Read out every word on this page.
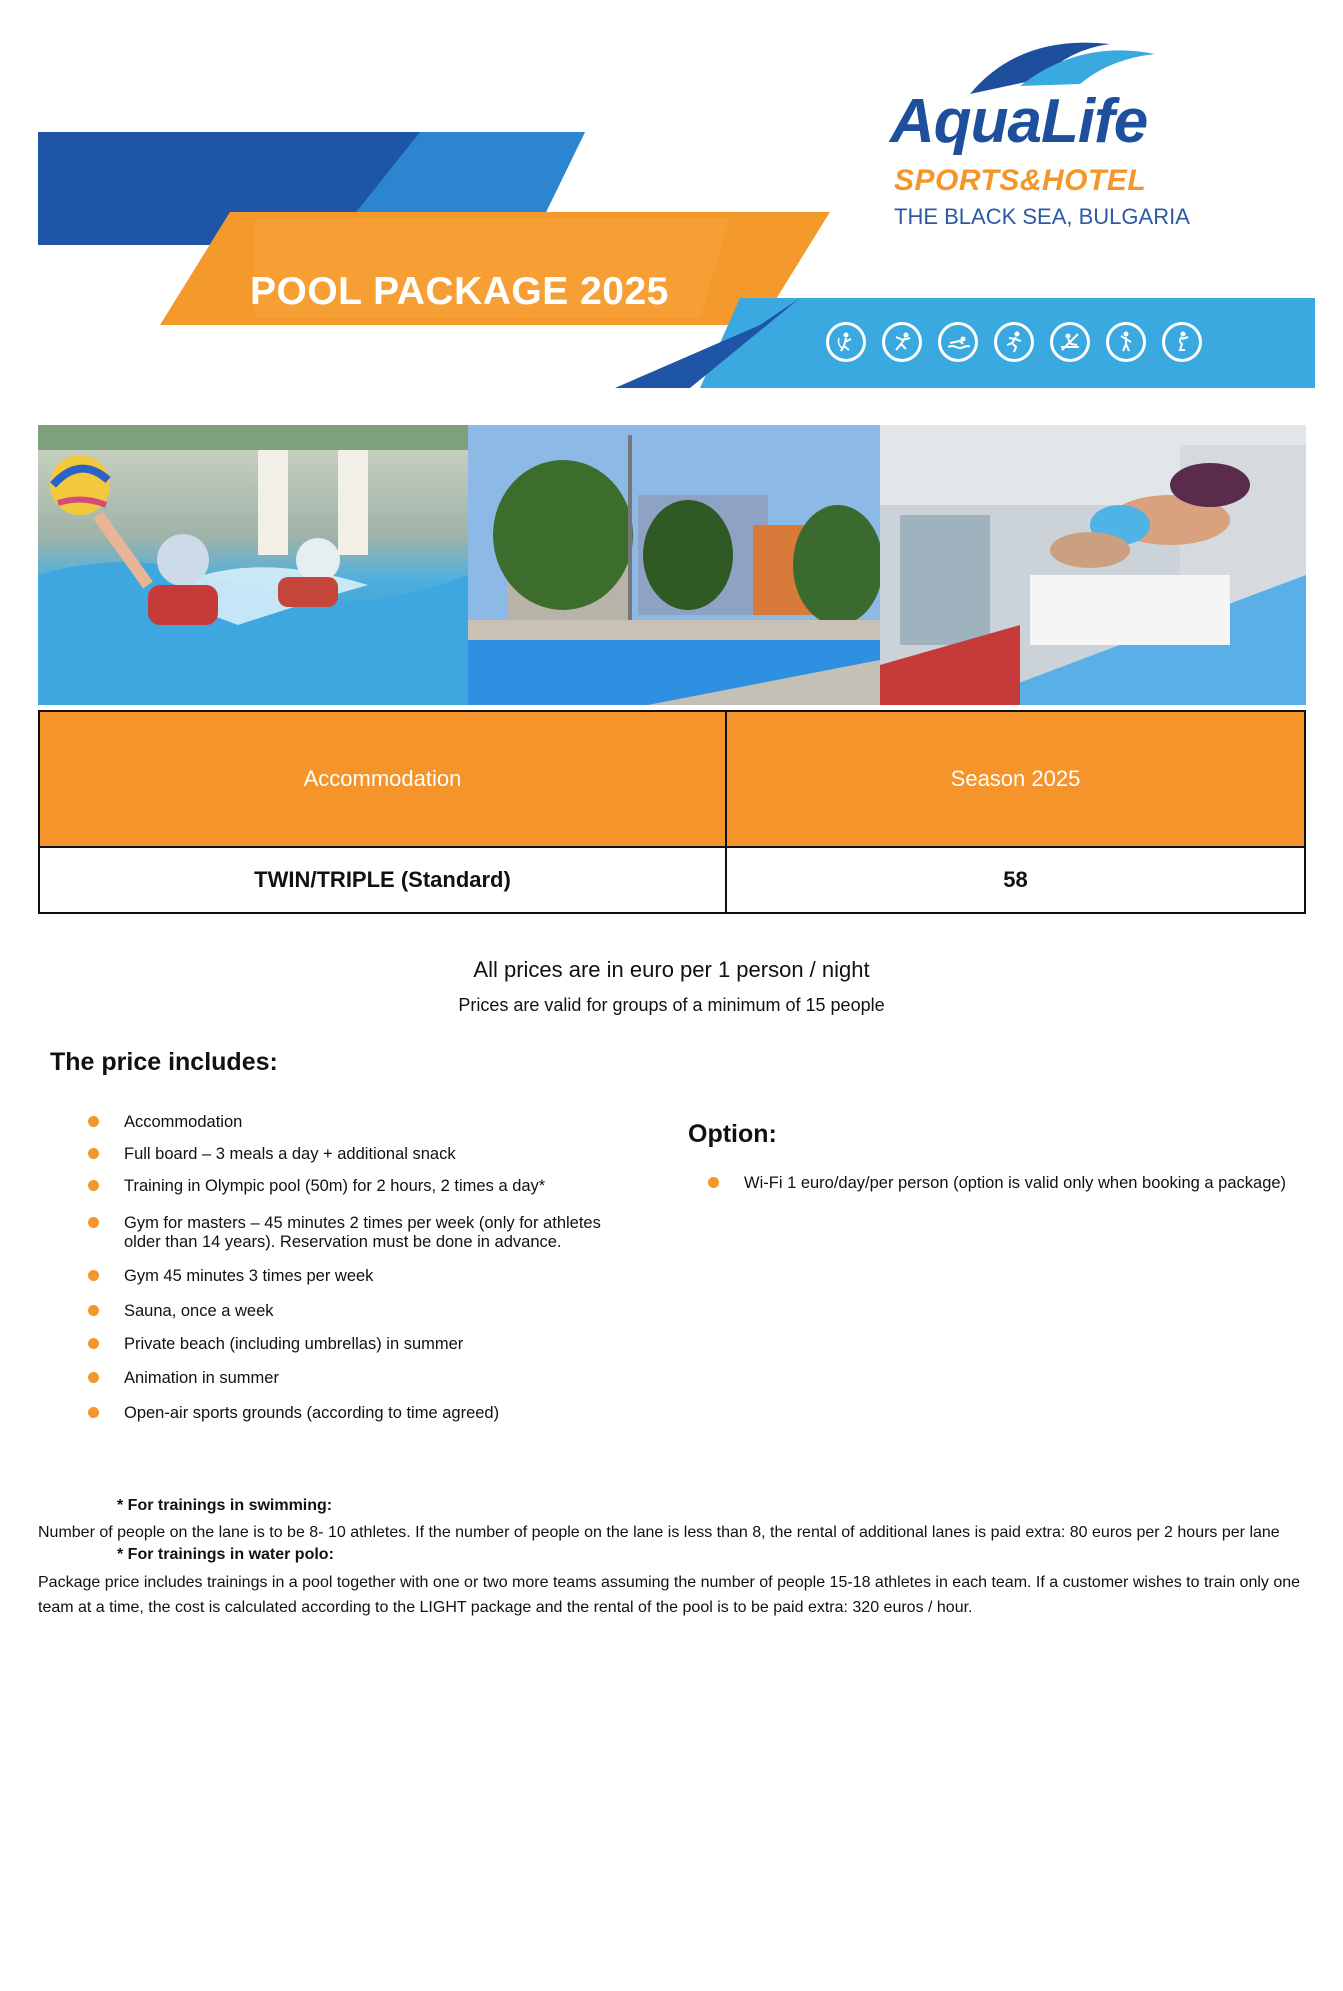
POOL PACKAGE 2025
AquaLife
SPORTS&HOTEL
THE BLACK SEA, BULGARIA
Accommodation	Season 2025
TWIN/TRIPLE (Standard)	58
All prices are in euro per 1 person / night
Prices are valid for groups of a minimum of 15 people
The price includes:
Accommodation
Full board – 3 meals a day + additional snack
Training in Olympic pool (50m) for 2 hours, 2 times a day*
Gym for masters – 45 minutes 2 times per week (only for athletes older than 14 years). Reservation must be done in advance.
Gym 45 minutes 3 times per week
Sauna, once a week
Private beach (including umbrellas) in summer
Animation in summer
Open-air sports grounds (according to time agreed)
Option:
Wi-Fi 1 euro/day/per person (option is valid only when booking a package)
* For trainings in swimming:
Number of people on the lane is to be 8- 10 athletes. If the number of people on the lane is less than 8, the rental of additional lanes is paid extra: 80 euros per 2 hours per lane
* For trainings in water polo:
Package price includes trainings in a pool together with one or two more teams assuming the number of people 15-18 athletes in each team. If a customer wishes to train only one team at a time, the cost is calculated according to the LIGHT package and the rental of the pool is to be paid extra: 320 euros / hour.
